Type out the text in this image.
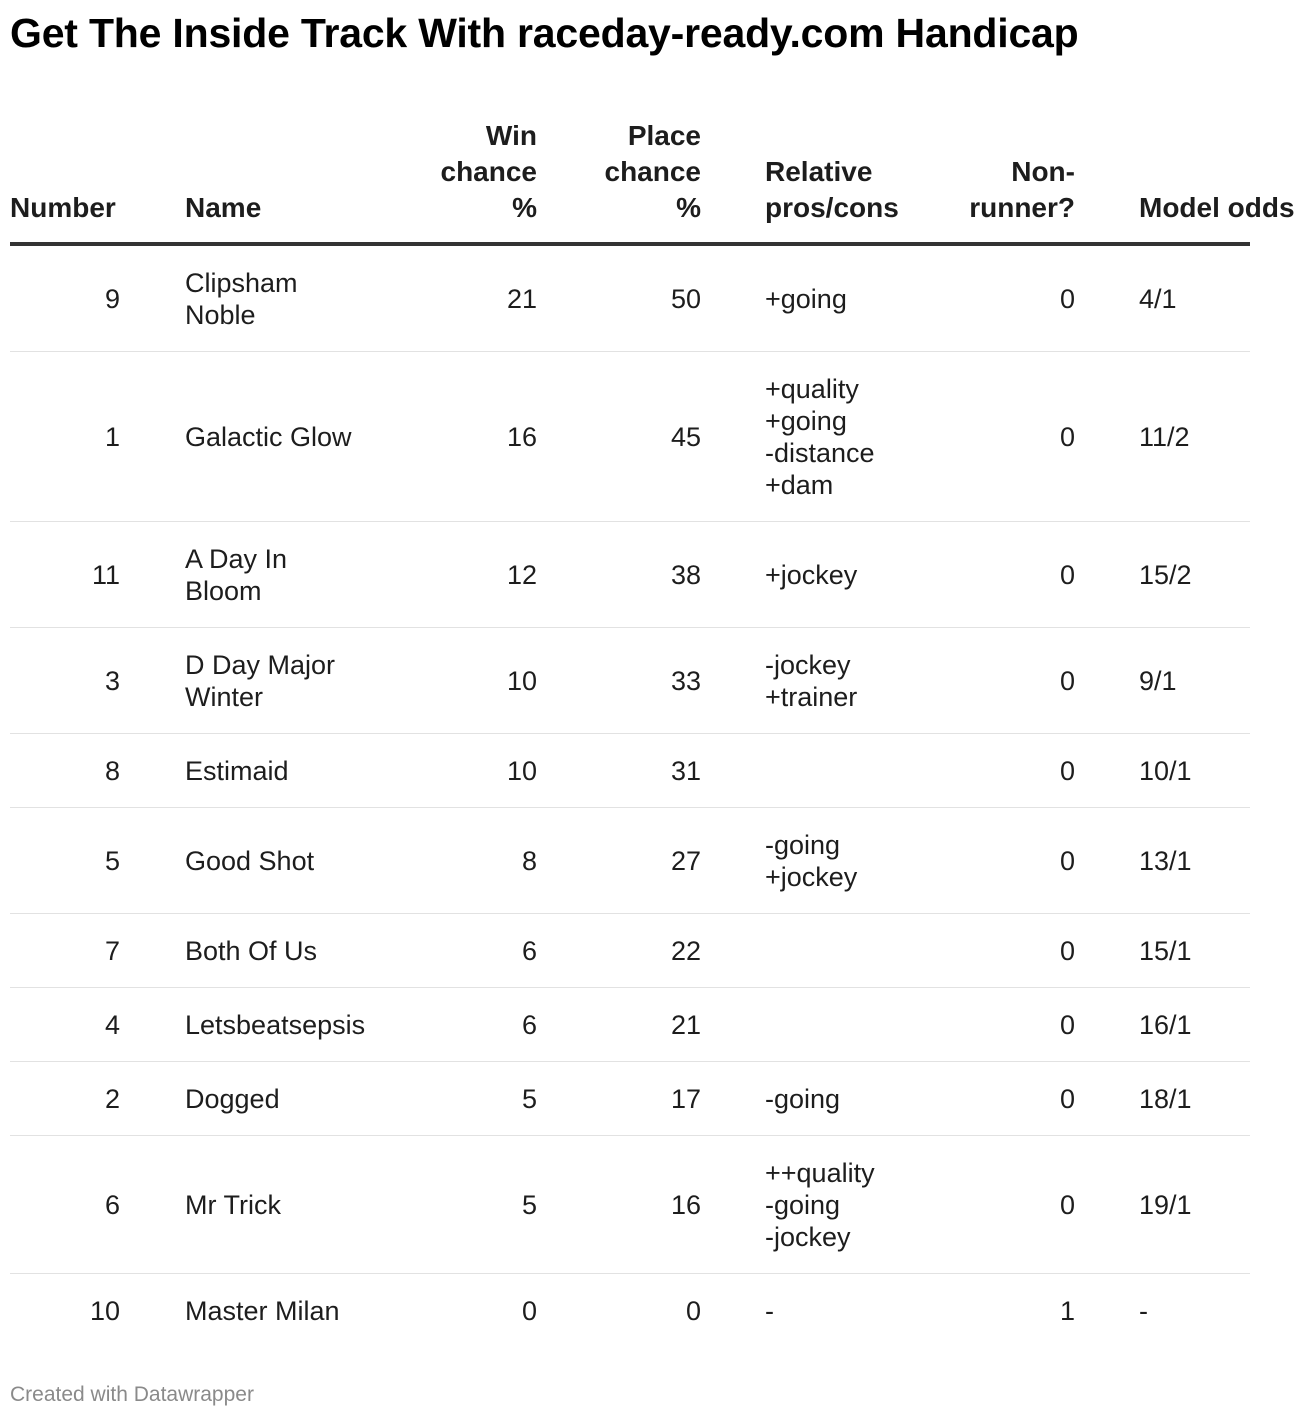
Get The Inside Track With raceday-ready.com Handicap
Number	Name	Win
chance
%	Place
chance
%	Relative
pros/cons	Non-
runner?	Model odds
9	Clipsham
Noble	21	50	+going	0	4/1
1	Galactic Glow	16	45	+quality
+going
-distance
+dam	0	11/2
11	A Day In
Bloom	12	38	+jockey	0	15/2
3	D Day Major
Winter	10	33	-jockey
+trainer	0	9/1
8	Estimaid	10	31		0	10/1
5	Good Shot	8	27	-going
+jockey	0	13/1
7	Both Of Us	6	22		0	15/1
4	Letsbeatsepsis	6	21		0	16/1
2	Dogged	5	17	-going	0	18/1
6	Mr Trick	5	16	++quality
-going
-jockey	0	19/1
10	Master Milan	0	0	-	1	-
Created with Datawrapper
